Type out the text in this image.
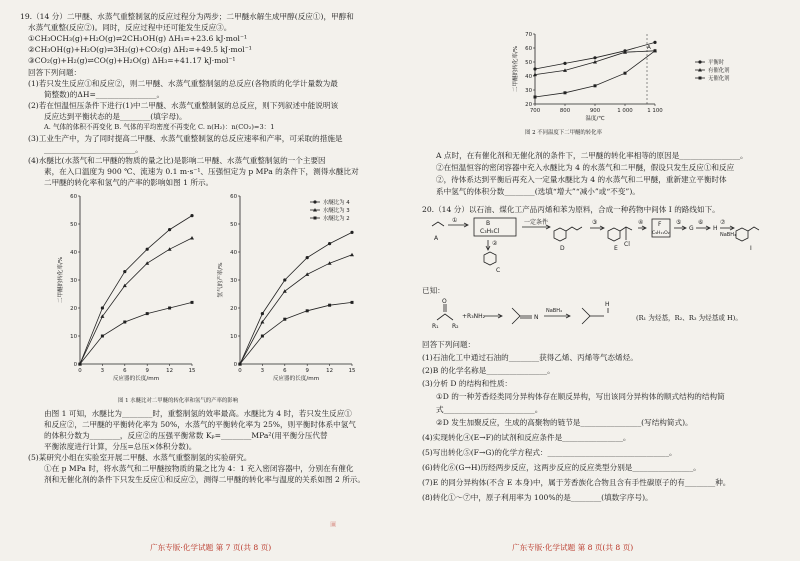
19.（14 分）二甲醚、水蒸气重整制氢的反应过程分为两步；二甲醚水解生成甲醇(反应①)，甲醇和
水蒸气重整(反应②)。同时，反应过程中还可能发生反应③。
①CH₃OCH₃(g)+H₂O(g)⇌2CH₃OH(g) ΔH₁=+23.6 kJ·mol⁻¹
②CH₃OH(g)+H₂O(g)⇌3H₂(g)+CO₂(g) ΔH₂=+49.5 kJ·mol⁻¹
③CO₂(g)+H₂(g)⇌CO(g)+H₂O(g) ΔH₃=+41.17 kJ·mol⁻¹
回答下列问题：
(1)若只发生反应①和反应②，则二甲醚、水蒸气重整制氢的总反应(各物质的化学计量数为最
简整数)的ΔH=________________。
(2)若在恒温恒压条件下进行(1)中二甲醚、水蒸气重整制氢的总反应，则下列叙述中能说明该
反应达到平衡状态的是________(填字母)。
A. 气体的体积不再变化 B. 气体的平均密度不再变化 C. n(H₂)：n(CO₂)=3：1
(3)工业生产中，为了同时提高二甲醚、水蒸气重整制氢的总反应速率和产率，可采取的措施是
________________________。
(4)水醚比(水蒸气和二甲醚的物质的量之比)是影响二甲醚、水蒸气重整制氢的一个主要因
素，在入口温度为 900 ℃、流速为 0.1 m·s⁻¹、压强恒定为 p MPa 的条件下，测得水醚比对
二甲醚的转化率和氢气的产率的影响如图 1 所示。
0	3	6	9	12	15
0
10
20
30
40
50
60
反应器的长度/mm
二甲醚的转化率/%
0	3	6	9	12	15
0
10
20
30
40
50
60
反应器的长度/mm
氢气的产率/%
水醚比为 4
水醚比为 3
水醚比为 2
图 1 水醚比对二甲醚的转化率和氢气的产率的影响
由图 1 可知，水醚比为________时，重整制氢的效率最高。水醚比为 4 时，若只发生反应①
和反应②，二甲醚的平衡转化率为 50%，水蒸气的平衡转化率为 25%，则平衡时体系中氢气
的体积分数为________，反应②的压强平衡常数 Kₚ=________MPa²(用平衡分压代替
平衡浓度进行计算，分压=总压×体积分数)。
(5)某研究小组在实验室开展二甲醚、水蒸气重整制氢的实验研究。
①在 p MPa 时，将水蒸气和二甲醚按物质的量之比为 4：1 充入密闭容器中，分别在有催化
剂和无催化剂的条件下只发生反应①和反应②，测得二甲醚的转化率与温度的关系如图 2 所示。
广东专版·化学试题 第 7 页(共 8 页)
700	800	900	1 000	1 100
20
30
40
50
60
70
温度/℃
二甲醚的转化率/%	平衡时
有催化剂
无催化剂
A
图 2 不同温度下二甲醚的转化率
A 点时，在有催化剂和无催化剂的条件下，二甲醚的转化率相等的原因是________________。
②在恒温恒容的密闭容器中充入水醚比为 4 的水蒸气和二甲醚，假设只发生反应①和反应
②，待体系达到平衡后再充入一定量水醚比为 4 的水蒸气和二甲醚，重新建立平衡时体
系中氢气的体积分数________(选填“增大”“减小”或“不变”)。
20.（14 分）以石油、煤化工产品丙烯和苯为原料，合成一种药物中间体 I 的路线如下。
A
①	B
C₃H₅Cl
②
C
一定条件
D
③
E
Cl
④ F
C₉H₁₁O₂
⑤
G
⑥
H
⑦
NaBH₄
I
已知：
O
R₁ R₂
+R₃NH₂	N
NaBH₄
H
(R₁ 为烃基，R₂、R₃ 为烃基或 H)。
回答下列问题：
(1)石油化工中通过石油的________获得乙烯、丙烯等气态烯烃。
(2)B 的化学名称是________________。
(3)分析 D 的结构和性质：
①D 的一种芳香烃类同分异构体存在顺反异构，写出该同分异构体的顺式结构的结构简
式________________________。
②D 发生加聚反应，生成的高聚物的链节是________________(写结构简式)。
(4)实现转化④(E→F)的试剂和反应条件是________________。
(5)写出转化⑤(F→G)的化学方程式：________________________________。
(6)转化⑥(G→H)历经两步反应，这两步反应的反应类型分别是________________。
(7)E 的同分异构体(不含 E 本身)中，属于芳香族化合物且含有手性碳原子的有________种。
(8)转化①～⑦中，原子利用率为 100%的是________(填数字序号)。
广东专版·化学试题 第 8 页(共 8 页)
▣
